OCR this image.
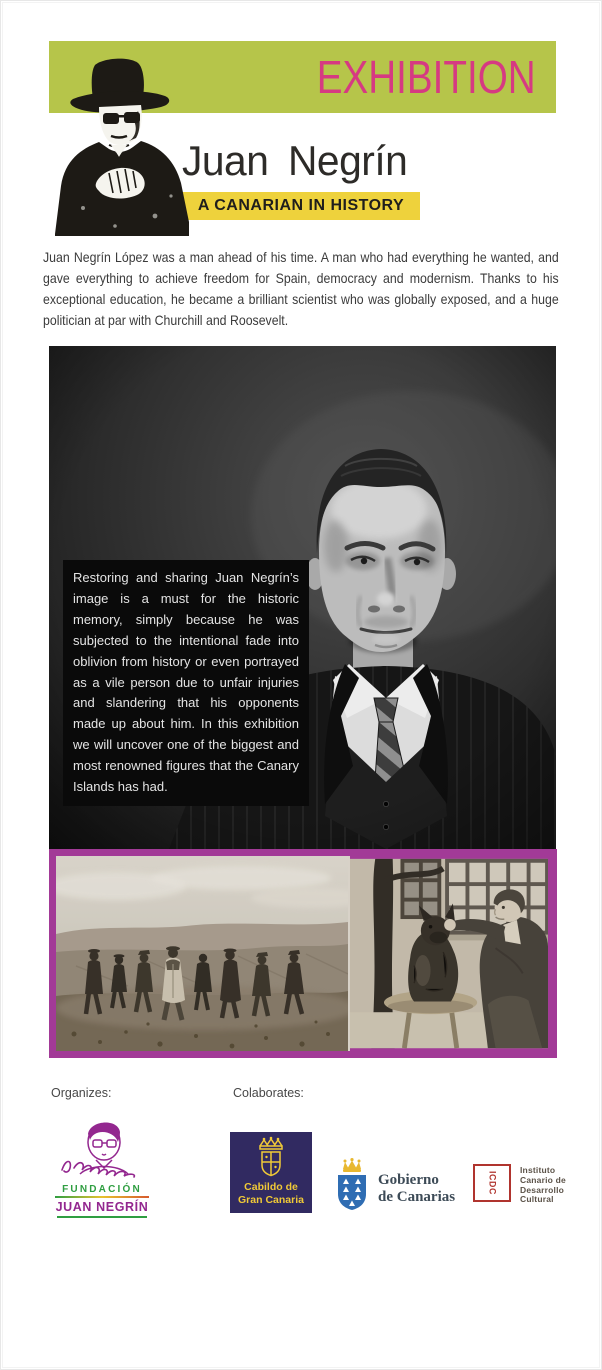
EXHIBITION
Juan Negrín
A CANARIAN IN HISTORY

Juan Negrín López was a man ahead of his time. A man who had everything he wanted, and gave everything to achieve freedom for Spain, democracy and modernism. Thanks to his exceptional education, he became a brilliant scientist who was globally exposed, and a huge politician at par with Churchill and Roosevelt.

Restoring and sharing Juan Negrín’s image is a must for the historic memory, simply because he was subjected to the intentional fade into oblivion from history or even portrayed as a vile person due to unfair injuries and slandering that his opponents made up about him. In this exhibition we will uncover one of the biggest and most renowned figures that the Canary Islands has had.
Organizes:	Colaborates:
FUNDACIÓN
JUAN NEGRÍN
Cabildo de
Gran Canaria
Gobierno
de Canarias
ICDC
Instituto
Canario de
Desarrollo
Cultural
